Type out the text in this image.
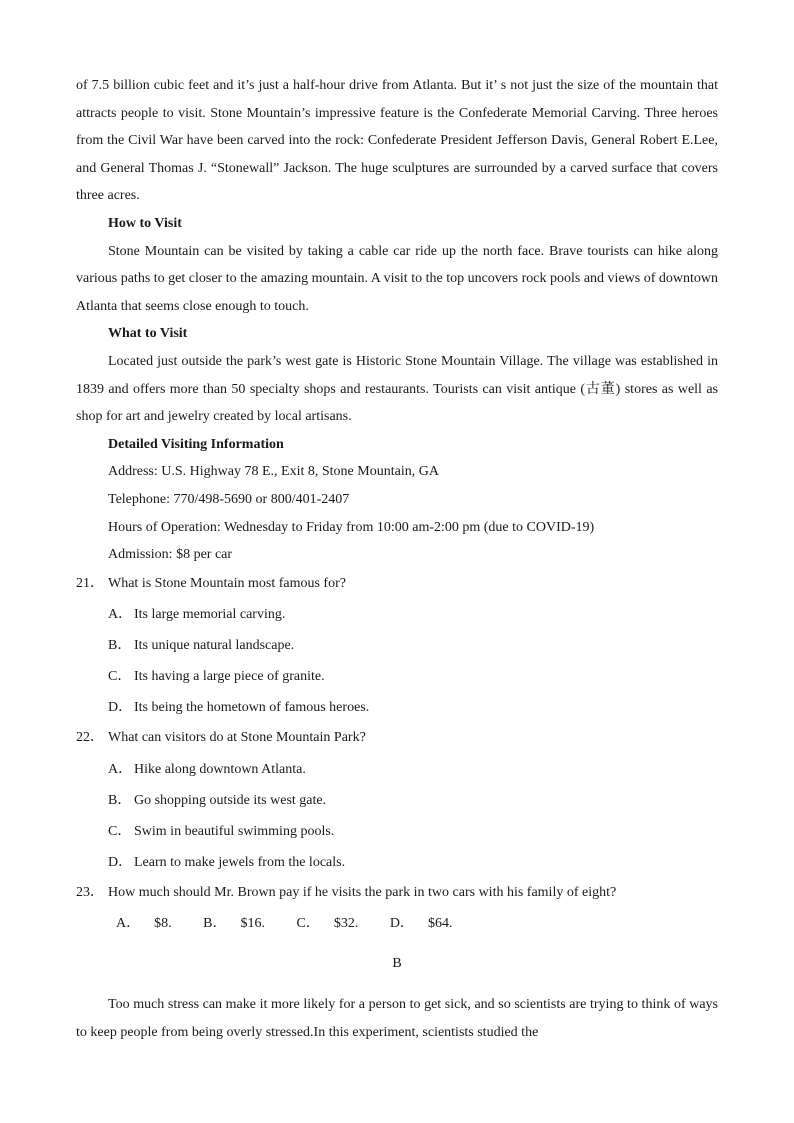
of 7.5 billion cubic feet and it’s just a half-hour drive from Atlanta. But it’ s not just the size of the mountain that attracts people to visit. Stone Mountain’s impressive feature is the Confederate Memorial Carving. Three heroes from the Civil War have been carved into the rock: Confederate President Jefferson Davis, General Robert E.Lee, and General Thomas J. “Stonewall” Jackson. The huge sculptures are surrounded by a carved surface that covers three acres.

How to Visit

Stone Mountain can be visited by taking a cable car ride up the north face. Brave tourists can hike along various paths to get closer to the amazing mountain. A visit to the top uncovers rock pools and views of downtown Atlanta that seems close enough to touch.

What to Visit

Located just outside the park’s west gate is Historic Stone Mountain Village. The village was established in 1839 and offers more than 50 specialty shops and restaurants. Tourists can visit antique (古董) stores as well as shop for art and jewelry created by local artisans.

Detailed Visiting Information

Address: U.S. Highway 78 E., Exit 8, Stone Mountain, GA

Telephone: 770/498-5690 or 800/401-2407

Hours of Operation: Wednesday to Friday from 10:00 am-2:00 pm (due to COVID-19)

Admission: $8 per car

21． What is Stone Mountain most famous for?

A． Its large memorial carving.

B． Its unique natural landscape.

C． Its having a large piece of granite.

D． Its being the hometown of famous heroes.

22． What can visitors do at Stone Mountain Park?

A． Hike along downtown Atlanta.

B． Go shopping outside its west gate.

C． Swim in beautiful swimming pools.

D． Learn to make jewels from the locals.

23． How much should Mr. Brown pay if he visits the park in two cars with his family of eight?

A． $8. B． $16. C． $32. D． $64.

B

Too much stress can make it more likely for a person to get sick, and so scientists are trying to think of ways to keep people from being overly stressed.In this experiment, scientists studied the
